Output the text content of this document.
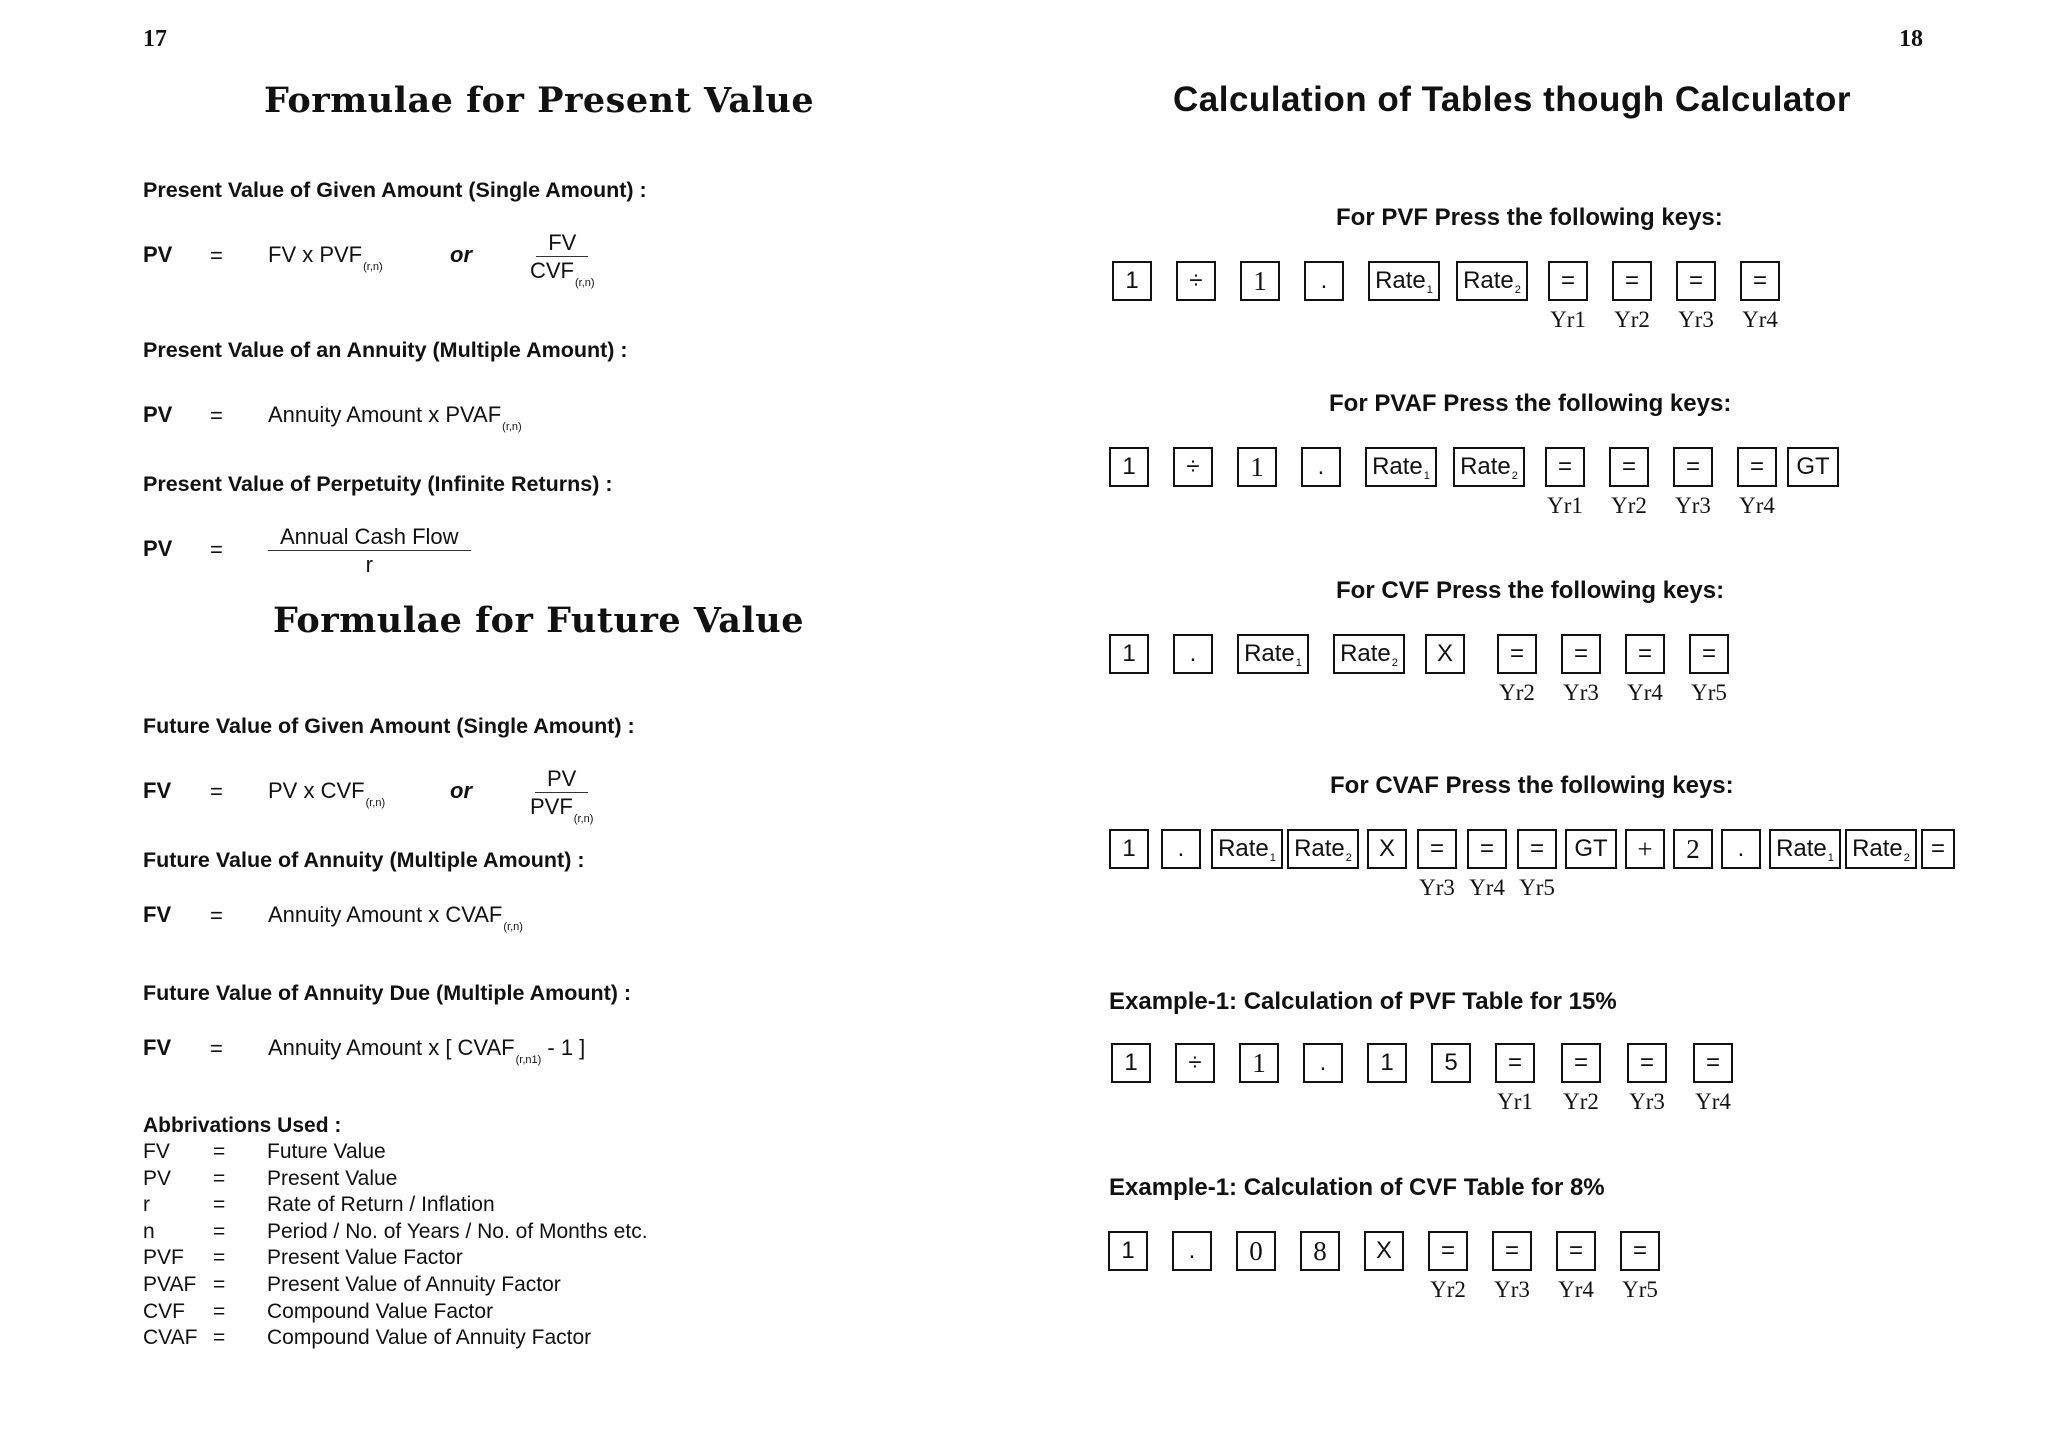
17
Formulae for Present Value
Present Value of Given Amount (Single Amount) :
PV = FV x $PVF_{(r,n)}$	or	FV
$CVF_{(r,n)}$
Present Value of an Annuity (Multiple Amount) :
PV = Annuity Amount x $PVAF_{(r,n)}$
Present Value of Perpetuity (Infinite Returns) :
PV =
Annual Cash Flow
r
Formulae for Future Value
Future Value of Given Amount (Single Amount) :
FV = PV x $CVF_{(r,n)}$	or	PV
$PVF_{(r,n)}$
Future Value of Annuity (Multiple Amount) :
FV = Annuity Amount x $CVAF_{(r,n)}$
Future Value of Annuity Due (Multiple Amount) :
FV = Annuity Amount x [ $CVAF_{(r,n1)} - 1$ ]
Abbrivations Used :
FV	=	Future Value
PV	=	Present Value
r	=	Rate of Return / Inflation
n	=	Period / No. of Years / No. of Months etc.
PVF	=	Present Value Factor
PVAF =	Present Value of Annuity Factor
CVF	=	Compound Value Factor
CVAF =	Compound Value of Annuity Factor
18
Calculation of Tables though Calculator
For PVF Press the following keys:
1 ÷ 1 . Rate 1 Rate 2 =
Yr1
=
Yr2
=
Yr3
=
Yr4
For PVAF Press the following keys:
1 ÷ 1 . Rate 1 Rate 2 =
Yr1
=
Yr2
=
Yr3
=
Yr4
GT
For CVF Press the following keys:
1 . Rate 1 Rate 2 X =
Yr2
=
Yr3
=
Yr4
=
Yr5
For CVAF Press the following keys:
1 . Rate 1 Rate 2 X =
Yr3
=
Yr4
=
Yr5
GT + 2 . Rate 1 Rate 2 =
Example-1: Calculation of PVF Table for 15%
1 ÷ 1 . 1 5 =
Yr1
=
Yr2
=
Yr3
=
Yr4
Example-1: Calculation of CVF Table for 8%
1 . 0 8 X =
Yr2
=
Yr3
=
Yr4
=
Yr5
